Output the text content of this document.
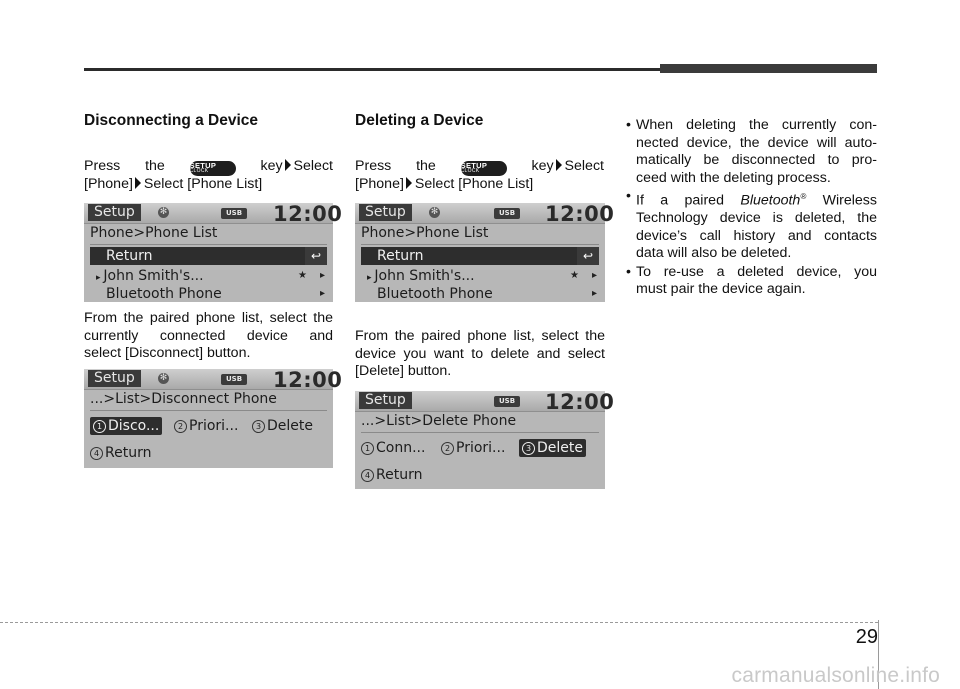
Disconnecting a Device
Press the	SETUP
CLOCK	key Select
[Phone] Select [Phone List]
Setup	✻	USB 12:00
Phone>Phone List
Return	↩
▸ John Smith's...	★ ▸
Bluetooth Phone	▸
From the paired phone list, select the
currently connected device and
select [Disconnect] button.
Setup	✻	USB 12:00
...>List>Disconnect Phone
1 Disco...	2 Priori...	3 Delete
4 Return
Deleting a Device
Press the	SETUP
CLOCK	key Select
[Phone] Select [Phone List]
Setup	✻	USB 12:00
Phone>Phone List
Return	↩
▸ John Smith's...	★ ▸
Bluetooth Phone	▸
From the paired phone list, select the
device you want to delete and select
[Delete] button.
Setup	USB 12:00
...>List>Delete Phone
1 Conn...	2 Priori...	3 Delete
4 Return
• When deleting the currently con-
nected device, the device will auto-
matically be disconnected to pro-
ceed with the deleting process.
• If a paired Bluetooth® Wireless
Technology device is deleted, the
device’s call history and contacts
data will also be deleted.
• To re-use a deleted device, you
must pair the device again.
29
carmanualsonline.info
